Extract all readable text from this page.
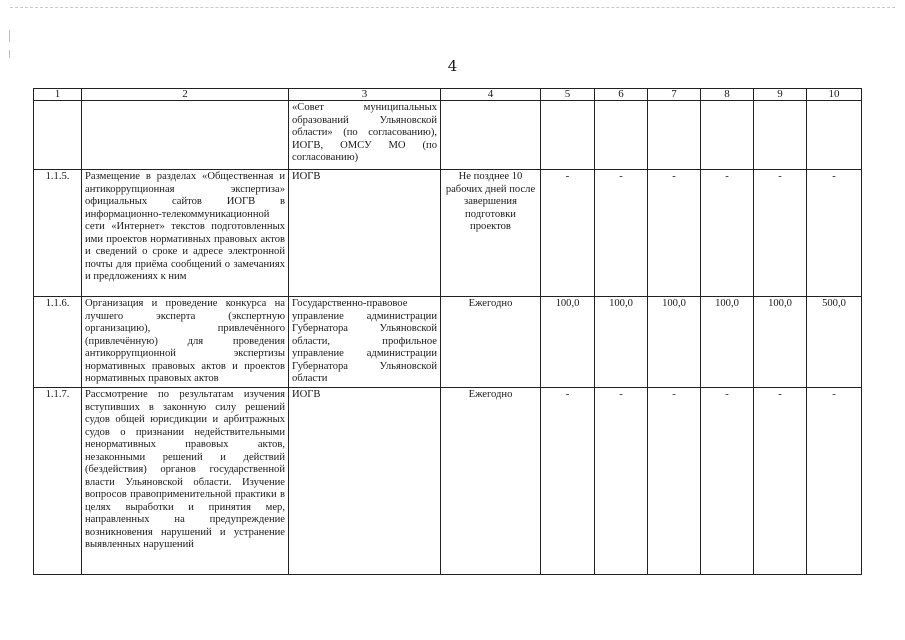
4
1	2	3	4	5	6	7	8	9	10
		«Совет муниципальных образований Ульяновской области» (по согласованию), ИОГВ, ОМСУ МО (по согласованию)							
1.1.5.	Размещение в разделах «Общественная и антикоррупционная экспертиза» официальных сайтов ИОГВ в информационно-телекоммуникационной сети «Интернет» текстов подготовленных ими проектов нормативных правовых актов и сведений о сроке и адресе электронной почты для приёма сообщений о замечаниях и предложениях к ним	ИОГВ	Не позднее 10 рабочих дней после завершения подготовки проектов	-	-	-	-	-	-
1.1.6.	Организация и проведение конкурса на лучшего эксперта (экспертную организацию), привлечённого (привлечённую) для проведения антикоррупционной экспертизы нормативных правовых актов и проектов нормативных правовых актов	Государственно-правовое управление администрации Губернатора Ульяновской области, профильное управление администрации Губернатора Ульяновской области	Ежегодно	100,0	100,0	100,0	100,0	100,0	500,0
1.1.7.	Рассмотрение по результатам изучения вступивших в законную силу решений судов общей юрисдикции и арбитражных судов о признании недействительными ненормативных правовых актов, незаконными решений и действий (бездействия) органов государственной власти Ульяновской области. Изучение вопросов правоприменительной практики в целях выработки и принятия мер, направленных на предупреждение возникновения нарушений и устранение выявленных нарушений	ИОГВ	Ежегодно	-	-	-	-	-	-
